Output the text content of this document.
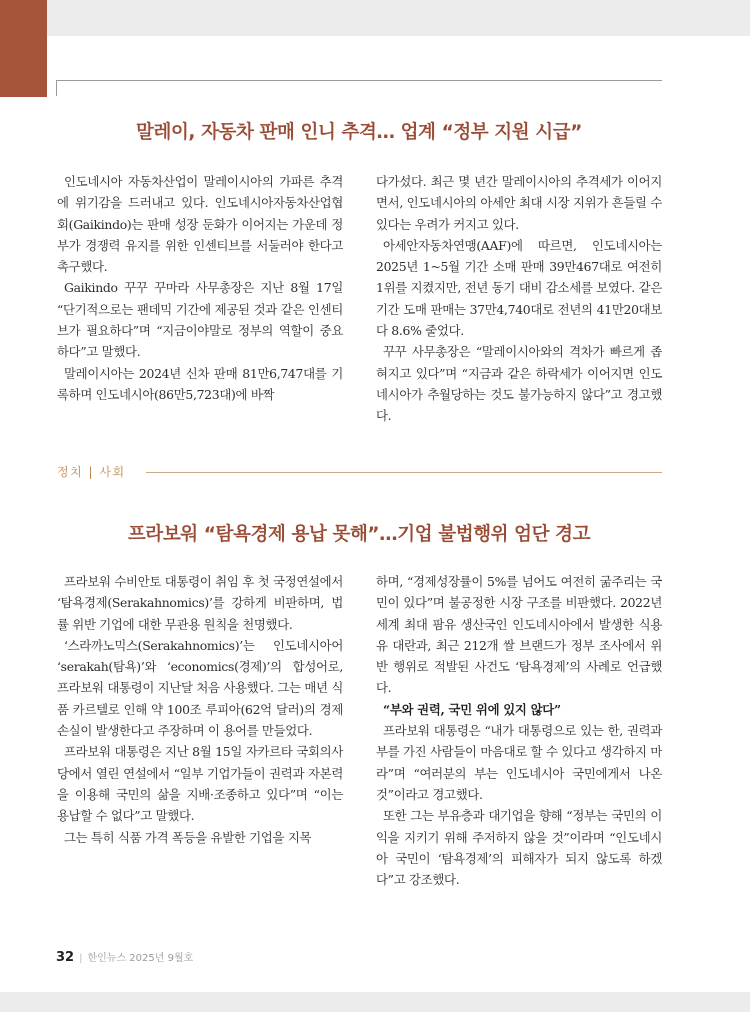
말레이, 자동차 판매 인니 추격… 업계 “정부 지원 시급”

인도네시아 자동차산업이 말레이시아의 가파른 추격에 위기감을 드러내고 있다. 인도네시아자동차산업협회(Gaikindo)는 판매 성장 둔화가 이어지는 가운데 정부가 경쟁력 유지를 위한 인센티브를 서둘러야 한다고 촉구했다.

Gaikindo 꾸꾸 꾸마라 사무총장은 지난 8월 17일 “단기적으로는 팬데믹 기간에 제공된 것과 같은 인센티브가 필요하다”며 “지금이야말로 정부의 역할이 중요하다”고 말했다.

말레이시아는 2024년 신차 판매 81만6,747대를 기록하며 인도네시아(86만5,723대)에 바짝

다가섰다. 최근 몇 년간 말레이시아의 추격세가 이어지면서, 인도네시아의 아세안 최대 시장 지위가 흔들릴 수 있다는 우려가 커지고 있다.

아세안자동차연맹(AAF)에 따르면, 인도네시아는 2025년 1~5월 기간 소매 판매 39만467대로 여전히 1위를 지켰지만, 전년 동기 대비 감소세를 보였다. 같은 기간 도매 판매는 37만4,740대로 전년의 41만20대보다 8.6% 줄었다.

꾸꾸 사무총장은 “말레이시아와의 격차가 빠르게 좁혀지고 있다”며 “지금과 같은 하락세가 이어지면 인도네시아가 추월당하는 것도 불가능하지 않다”고 경고했다.

정치 | 사회
프라보워 “탐욕경제 용납 못해”…기업 불법행위 엄단 경고

프라보워 수비안토 대통령이 취임 후 첫 국정연설에서 ‘탐욕경제(Serakahnomics)’를 강하게 비판하며, 법률 위반 기업에 대한 무관용 원칙을 천명했다.

‘스라까노믹스(Serakahnomics)’는 인도네시아어 ‘serakah(탐욕)’와 ‘economics(경제)’의 합성어로, 프라보워 대통령이 지난달 처음 사용했다. 그는 매년 식품 카르텔로 인해 약 100조 루피아(62억 달러)의 경제 손실이 발생한다고 주장하며 이 용어를 만들었다.

프라보워 대통령은 지난 8월 15일 자카르타 국회의사당에서 열린 연설에서 “일부 기업가들이 권력과 자본력을 이용해 국민의 삶을 지배·조종하고 있다”며 “이는 용납할 수 없다”고 말했다.

그는 특히 식품 가격 폭등을 유발한 기업을 지목

하며, “경제성장률이 5%를 넘어도 여전히 굶주리는 국민이 있다”며 불공정한 시장 구조를 비판했다. 2022년 세계 최대 팜유 생산국인 인도네시아에서 발생한 식용유 대란과, 최근 212개 쌀 브랜드가 정부 조사에서 위반 행위로 적발된 사건도 ‘탐욕경제’의 사례로 언급했다.

“부와 권력, 국민 위에 있지 않다”

프라보워 대통령은 “내가 대통령으로 있는 한, 권력과 부를 가진 사람들이 마음대로 할 수 있다고 생각하지 마라”며 “여러분의 부는 인도네시아 국민에게서 나온 것”이라고 경고했다.

또한 그는 부유층과 대기업을 향해 “정부는 국민의 이익을 지키기 위해 주저하지 않을 것”이라며 “인도네시아 국민이 ‘탐욕경제’의 피해자가 되지 않도록 하겠다”고 강조했다.

32 | 한인뉴스 2025년 9월호
